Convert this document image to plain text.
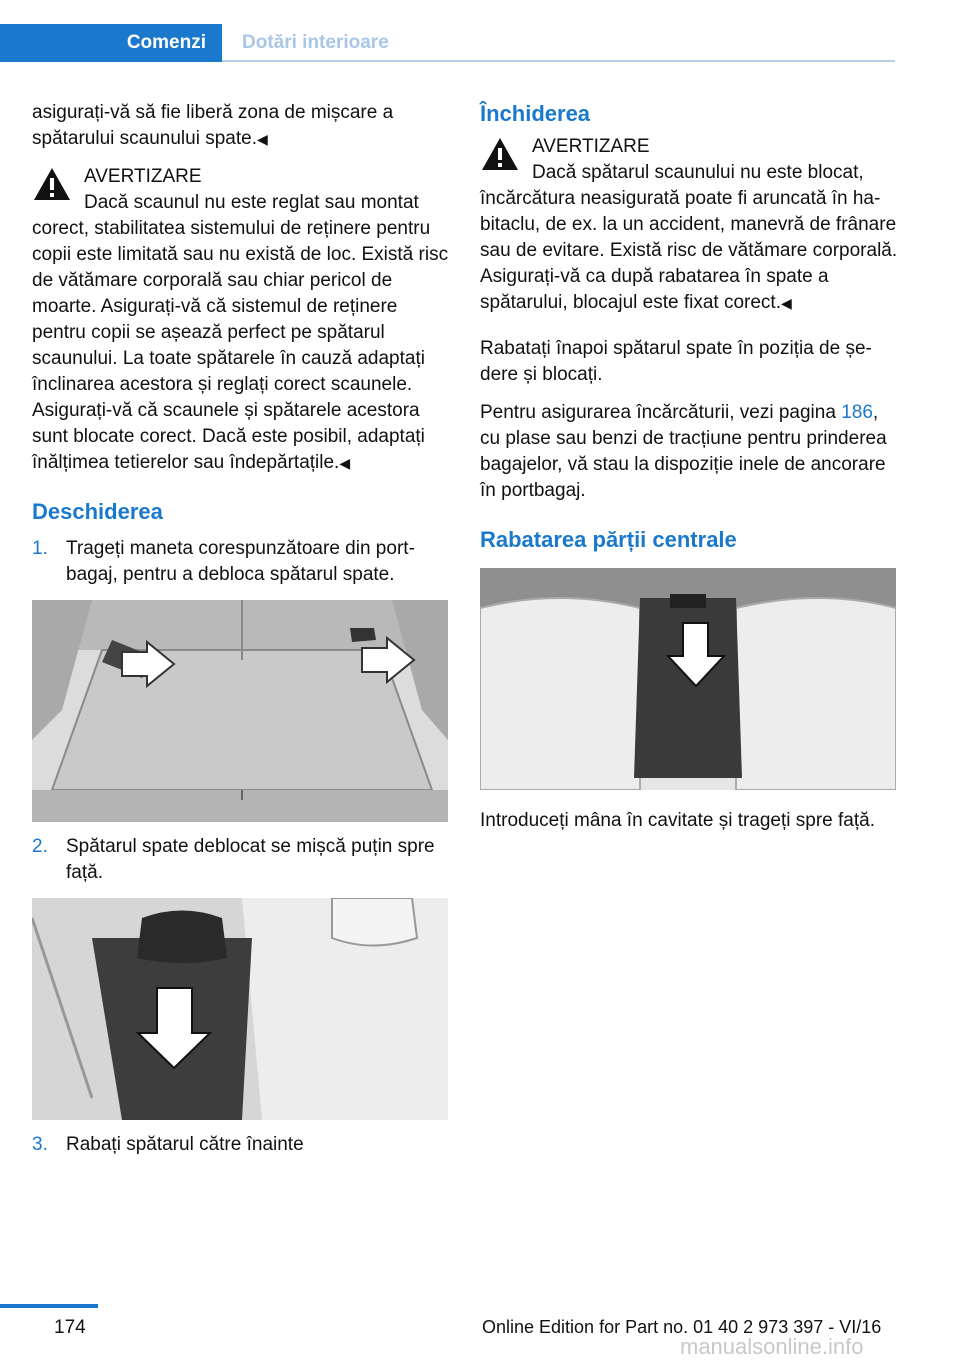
Comenzi	Dotări interioare

asigurați-vă să fie liberă zona de mișcare a spătarului scaunului spate.◀

AVERTIZARE

Dacă scaunul nu este reglat sau montat
corect, stabilitatea sistemului de reținere pentru copii este limitată sau nu există de loc. Există risc de vătămare corporală sau chiar pericol de moarte. Asigurați-vă că sistemul de reținere pentru copii se așează perfect pe spătarul scaunului. La toate spătarele în cauză adaptați înclinarea acestora și reglați corect scaunele. Asigurați-vă că scaunele și spătarele acestora sunt blocate corect. Dacă este posibil, adaptați înălțimea tetierelor sau îndepărtațile.◀

Deschiderea
1. Trageți maneta corespunzătoare din portbagaj, pentru a debloca spătarul spate.
2. Spătarul spate deblocat se mișcă puțin spre față.
3. Rabați spătarul către înainte
Închiderea
AVERTIZARE

Dacă spătarul scaunului nu este blocat,
încărcătura neasigurată poate fi aruncată în habitaclu, de ex. la un accident, manevră de frânare sau de evitare. Există risc de vătămare corporală. Asigurați-vă ca după rabatarea în spate a spătarului, blocajul este fixat corect.◀

Rabatați înapoi spătarul spate în poziția de ședere și blocați.

Pentru asigurarea încărcăturii, vezi pagina 186, cu plase sau benzi de tracțiune pentru prinderea bagajelor, vă stau la dispoziție inele de ancorare în portbagaj.

Rabatarea părții centrale

Introduceți mâna în cavitate și trageți spre față.

174	Online Edition for Part no. 01 40 2 973 397 - VI/16
manualsonline.info
